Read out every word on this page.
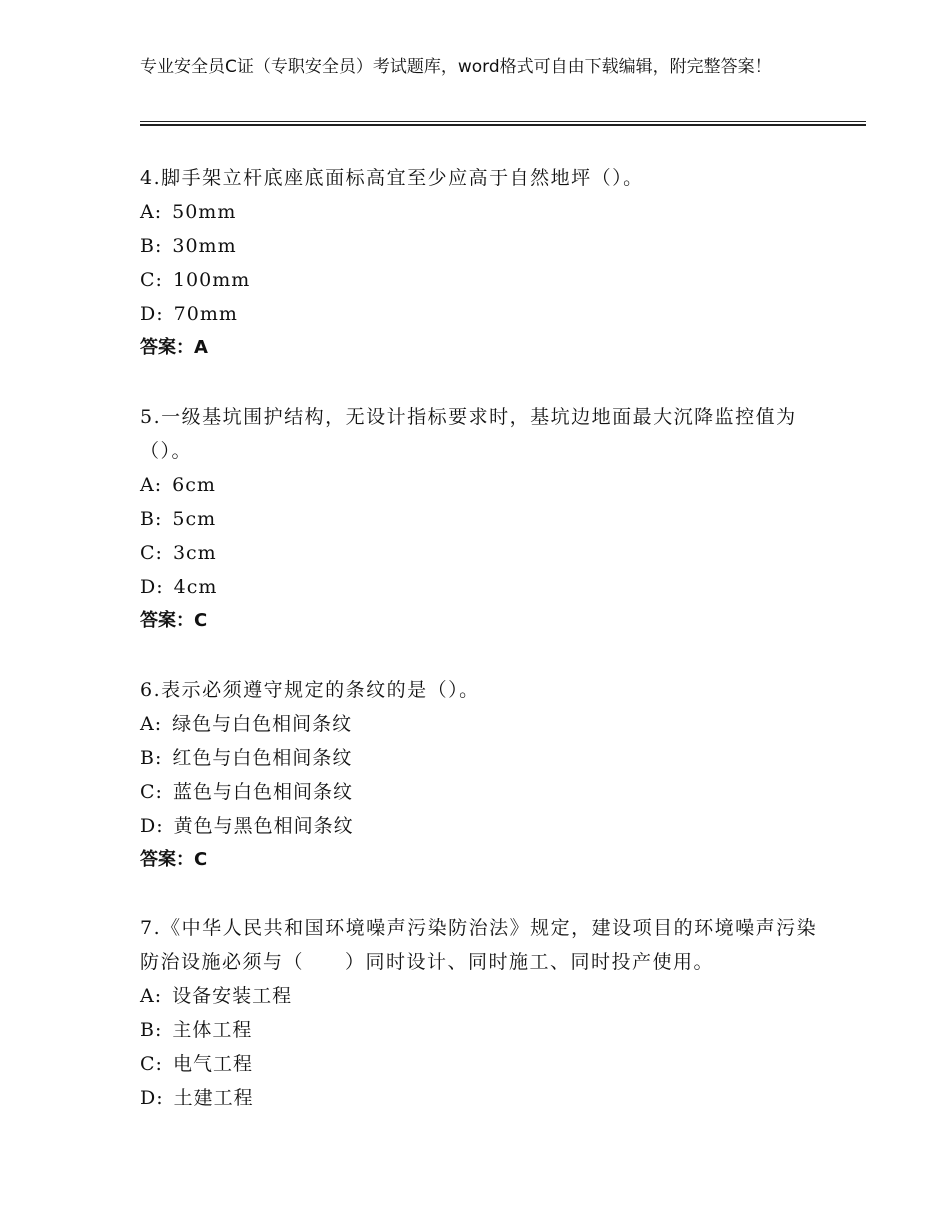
专业安全员C证（专职安全员）考试题库，word格式可自由下载编辑，附完整答案！

4.脚手架立杆底座底面标高宜至少应高于自然地坪（）。

A: 50mm

B: 30mm

C: 100mm

D: 70mm

答案：A

5.一级基坑围护结构，无设计指标要求时，基坑边地面最大沉降监控值为（）。

A: 6cm

B: 5cm

C: 3cm

D: 4cm

答案：C

6.表示必须遵守规定的条纹的是（）。

A: 绿色与白色相间条纹

B: 红色与白色相间条纹

C: 蓝色与白色相间条纹

D: 黄色与黑色相间条纹

答案：C

7.《中华人民共和国环境噪声污染防治法》规定，建设项目的环境噪声污染防治设施必须与（　　）同时设计、同时施工、同时投产使用。

A: 设备安装工程

B: 主体工程

C: 电气工程

D: 土建工程
